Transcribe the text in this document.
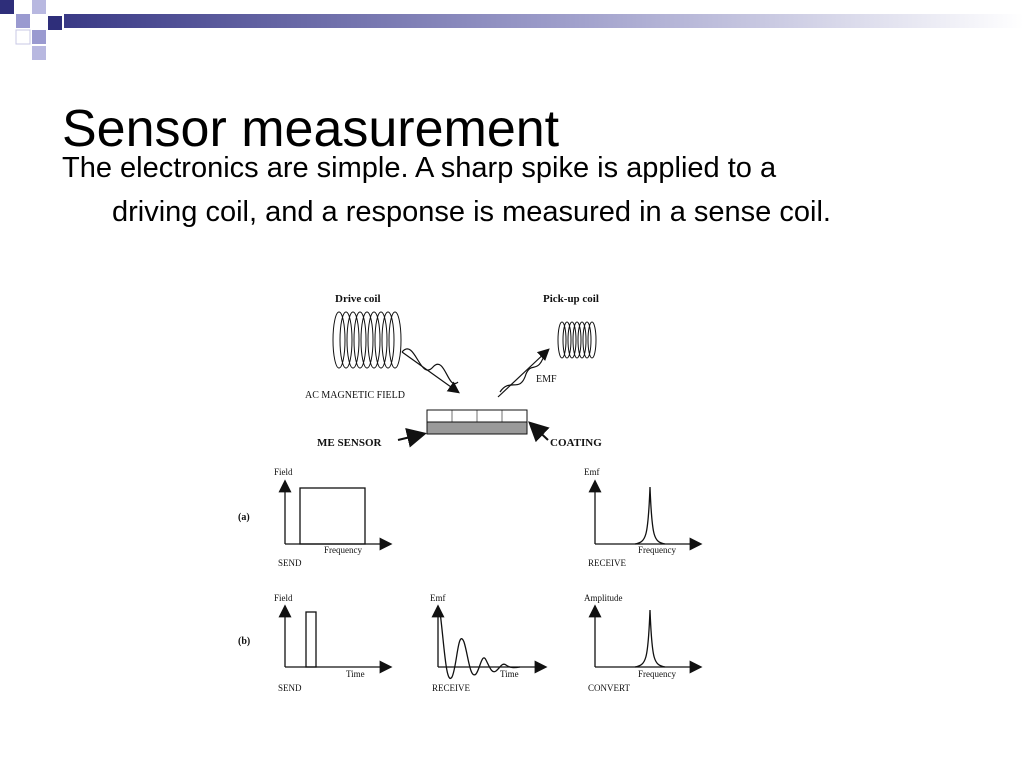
Sensor measurement
The electronics are simple. A sharp spike is applied to a
driving coil, and a response is measured in a sense coil.
Drive coil	Pick-up coil
AC MAGNETIC FIELD
EMF
ME SENSOR	COATING
(a)
Field
Frequency
SEND
Emf
Frequency
RECEIVE
(b)
Field
Time
SEND
Emf
Time
RECEIVE
Amplitude
Frequency
CONVERT
